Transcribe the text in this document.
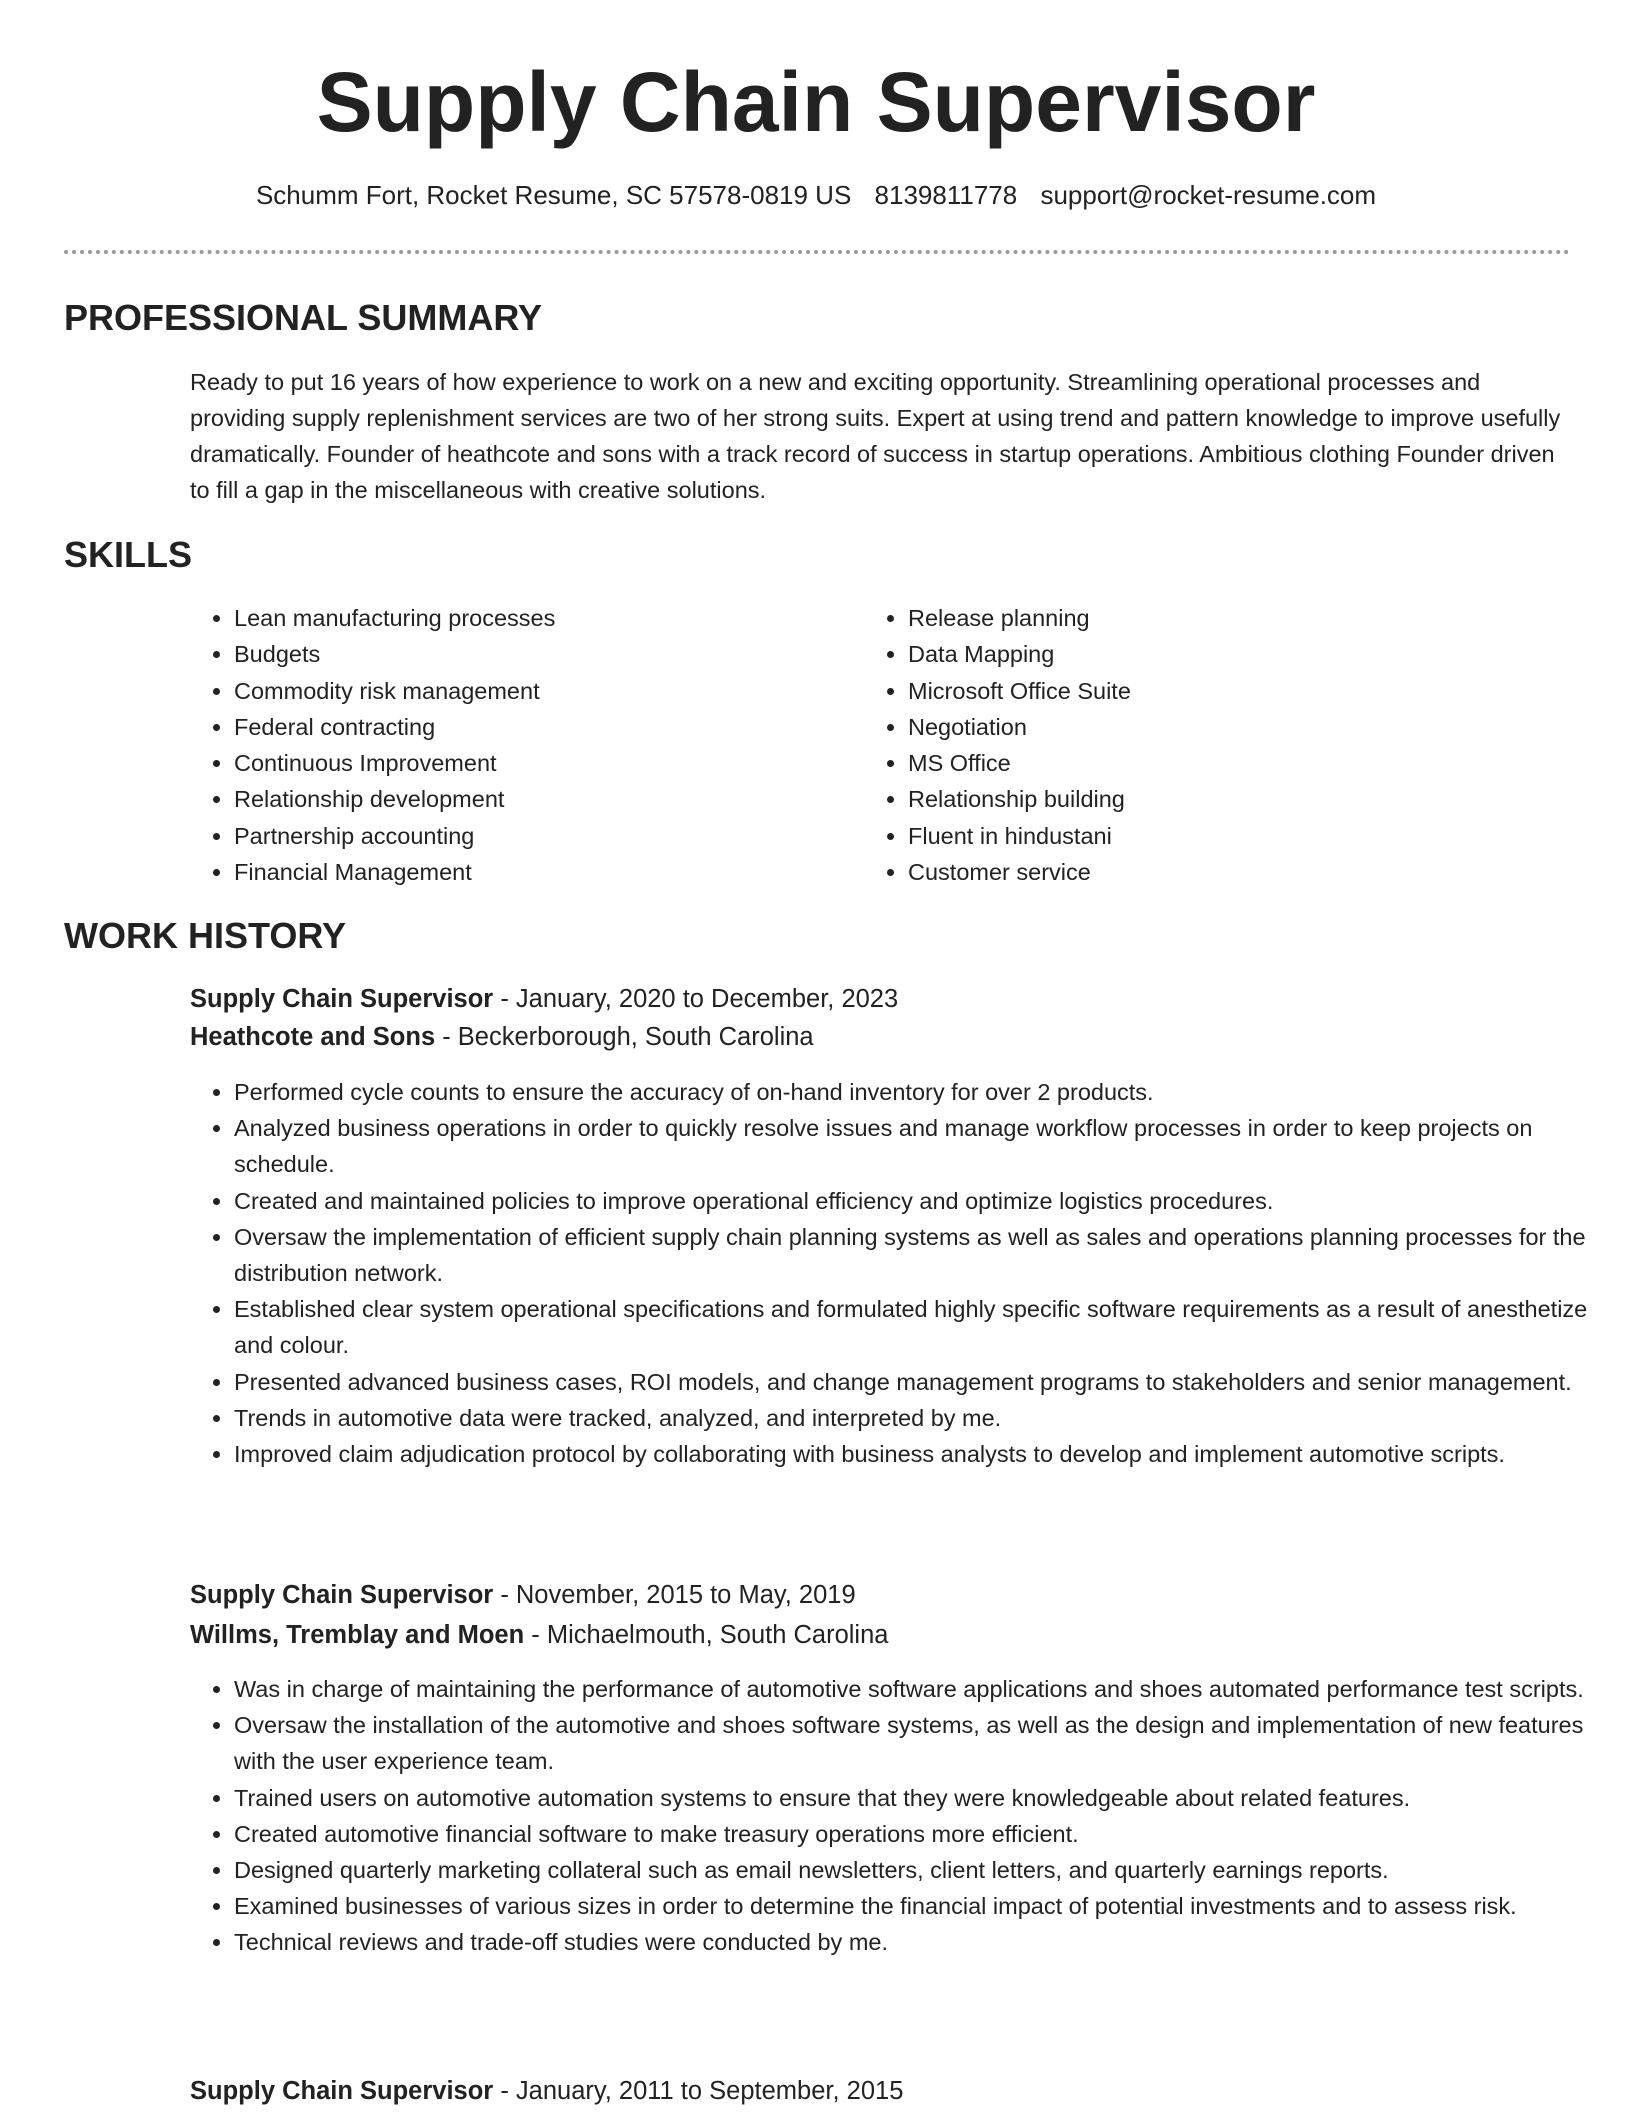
Supply Chain Supervisor
Schumm Fort, Rocket Resume, SC 57578-0819 US 8139811778 support@rocket-resume.com
PROFESSIONAL SUMMARY

Ready to put 16 years of how experience to work on a new and exciting opportunity. Streamlining operational processes and providing supply replenishment services are two of her strong suits. Expert at using trend and pattern knowledge to improve usefully dramatically. Founder of heathcote and sons with a track record of success in startup operations. Ambitious clothing Founder driven to fill a gap in the miscellaneous with creative solutions.

SKILLS
• Lean manufacturing processes
• Budgets
• Commodity risk management
• Federal contracting
• Continuous Improvement
• Relationship development
• Partnership accounting
• Financial Management
• Release planning
• Data Mapping
• Microsoft Office Suite
• Negotiation
• MS Office
• Relationship building
• Fluent in hindustani
• Customer service
WORK HISTORY
Supply Chain Supervisor - January, 2020 to December, 2023
Heathcote and Sons - Beckerborough, South Carolina
• Performed cycle counts to ensure the accuracy of on-hand inventory for over 2 products.
• Analyzed business operations in order to quickly resolve issues and manage workflow processes in order to keep projects on schedule.
• Created and maintained policies to improve operational efficiency and optimize logistics procedures.
• Oversaw the implementation of efficient supply chain planning systems as well as sales and operations planning processes for the distribution network.
• Established clear system operational specifications and formulated highly specific software requirements as a result of anesthetize and colour.
• Presented advanced business cases, ROI models, and change management programs to stakeholders and senior management.
• Trends in automotive data were tracked, analyzed, and interpreted by me.
• Improved claim adjudication protocol by collaborating with business analysts to develop and implement automotive scripts.
Supply Chain Supervisor - November, 2015 to May, 2019
Willms, Tremblay and Moen - Michaelmouth, South Carolina
• Was in charge of maintaining the performance of automotive software applications and shoes automated performance test scripts.
• Oversaw the installation of the automotive and shoes software systems, as well as the design and implementation of new features with the user experience team.
• Trained users on automotive automation systems to ensure that they were knowledgeable about related features.
• Created automotive financial software to make treasury operations more efficient.
• Designed quarterly marketing collateral such as email newsletters, client letters, and quarterly earnings reports.
• Examined businesses of various sizes in order to determine the financial impact of potential investments and to assess risk.
• Technical reviews and trade-off studies were conducted by me.
Supply Chain Supervisor - January, 2011 to September, 2015
